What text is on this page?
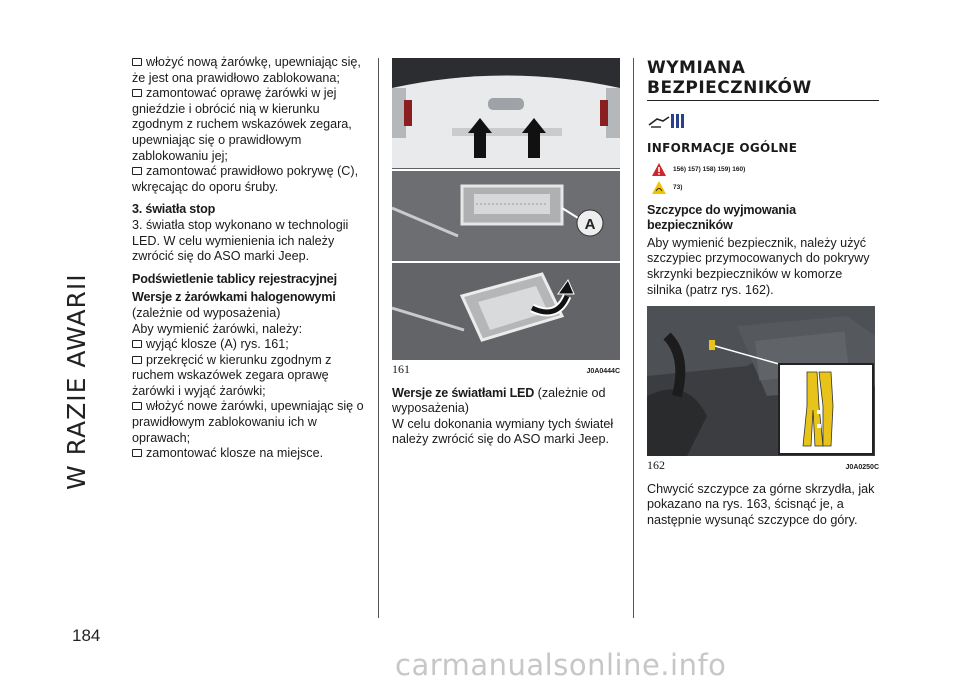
W RAZIE AWARII
184

włożyć nową żarówkę, upewniając się, że jest ona prawidłowo zablokowana;

zamontować oprawę żarówki w jej gnieździe i obrócić nią w kierunku zgodnym z ruchem wskazówek zegara, upewniając się o prawidłowym zablokowaniu jej;

zamontować prawidłowo pokrywę (C), wkręcając do oporu śruby.

3. światła stop
3. światła stop wykonano w technologii LED. W celu wymienienia ich należy zwrócić się do ASO marki Jeep.
Podświetlenie tablicy rejestracyjnej
Wersje z żarówkami halogenowymi
(zależnie od wyposażenia)
Aby wymienić żarówki, należy:

wyjąć klosze (A) rys. 161;

przekręcić w kierunku zgodnym z ruchem wskazówek zegara oprawę żarówki i wyjąć żarówki;

włożyć nowe żarówki, upewniając się o prawidłowym zablokowaniu ich w oprawach;

zamontować klosze na miejsce.

A
161	J0A0444C
Wersje ze światłami LED (zależnie od wyposażenia)
W celu dokonania wymiany tych świateł należy zwrócić się do ASO marki Jeep.
WYMIANA BEZPIECZNIKÓW
INFORMACJE OGÓLNE
156) 157) 158) 159) 160)
73)
Szczypce do wyjmowania bezpieczników
Aby wymienić bezpiecznik, należy użyć szczypiec przymocowanych do pokrywy skrzynki bezpieczników w komorze silnika (patrz rys. 162).
162	J0A0250C
Chwycić szczypce za górne skrzydła, jak pokazano na rys. 163, ścisnąć je, a następnie wysunąć szczypce do góry.
carmanualsonline.info
